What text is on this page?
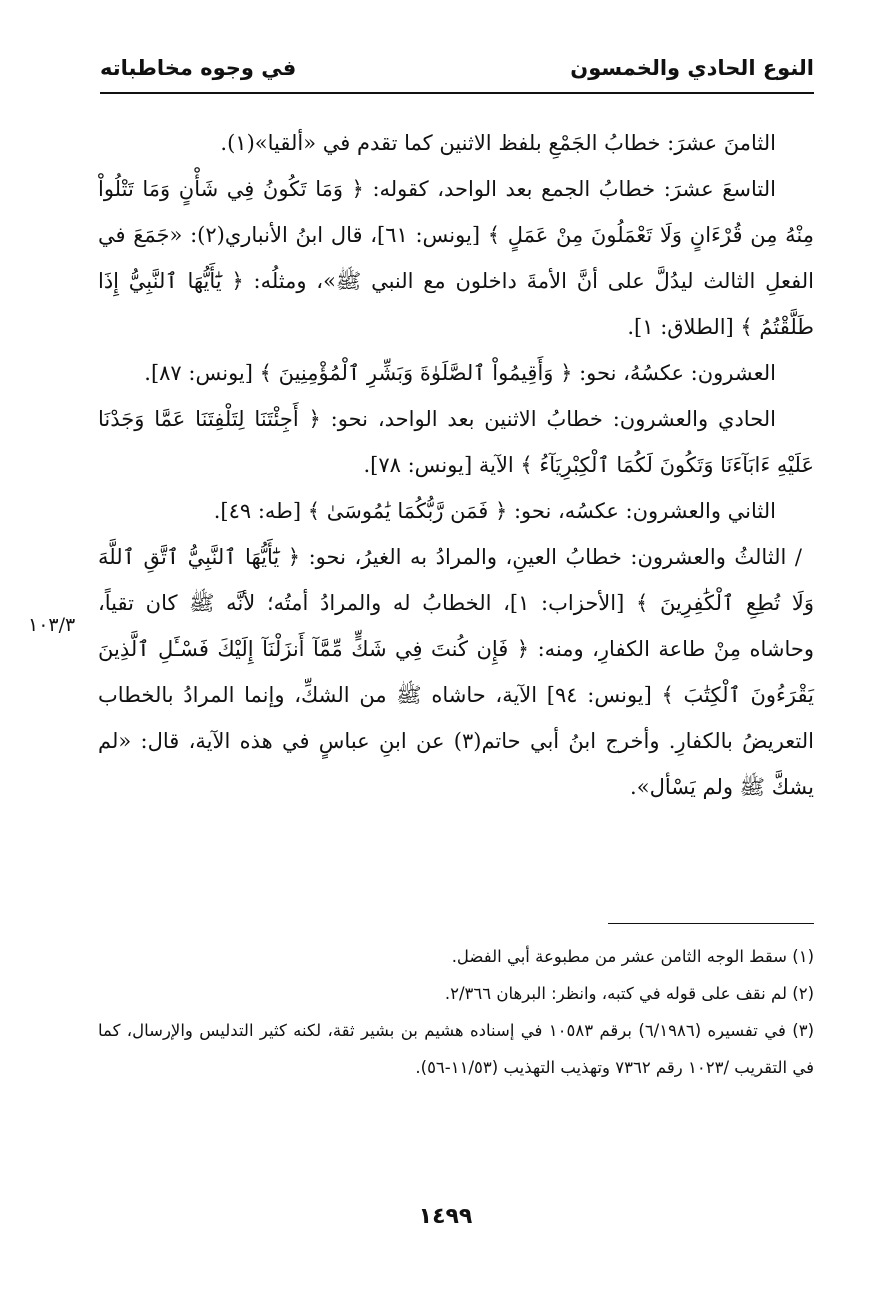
النوع الحادي والخمسون
في وجوه مخاطباته

الثامنَ عشرَ: خطابُ الجَمْعِ بلفظ الاثنين كما تقدم في «ألقيا»(١).

التاسعَ عشرَ: خطابُ الجمع بعد الواحد، كقوله: ﴿ وَمَا تَكُونُ فِي شَأْنٍ وَمَا تَتْلُواْ مِنْهُ مِن قُرْءَانٍ وَلَا تَعْمَلُونَ مِنْ عَمَلٍ ﴾ [يونس: ٦١]، قال ابنُ الأنباري(٢): «جَمَعَ في الفعلِ الثالث ليدُلَّ على أنَّ الأمةَ داخلون مع النبي ﷺ»، ومثلُه: ﴿ يَٰٓأَيُّهَا ٱلنَّبِيُّ إِذَا طَلَّقْتُمُ ﴾ [الطلاق: ١].

العشرون: عكسُهُ، نحو: ﴿ وَأَقِيمُواْ ٱلصَّلَوٰةَ وَبَشِّرِ ٱلْمُؤْمِنِينَ ﴾ [يونس: ٨٧].

الحادي والعشرون: خطابُ الاثنين بعد الواحد، نحو: ﴿ أَجِئْتَنَا لِتَلْفِتَنَا عَمَّا وَجَدْنَا عَلَيْهِ ءَابَآءَنَا وَتَكُونَ لَكُمَا ٱلْكِبْرِيَآءُ ﴾ الآية [يونس: ٧٨].

الثاني والعشرون: عكسُه، نحو: ﴿ فَمَن رَّبُّكُمَا يَٰمُوسَىٰ ﴾ [طه: ٤٩].

/ الثالثُ والعشرون: خطابُ العينِ، والمرادُ به الغيرُ، نحو: ﴿ يَٰٓأَيُّهَا ٱلنَّبِيُّ ٱتَّقِ ٱللَّهَ وَلَا تُطِعِ ٱلْكَٰفِرِينَ ﴾ [الأحزاب: ١]، الخطابُ له والمرادُ أمتُه؛ لأنَّه ﷺ كان تقياً، وحاشاه مِنْ طاعة الكفارِ، ومنه: ﴿ فَإِن كُنتَ فِي شَكٍّ مِّمَّآ أَنزَلْنَآ إِلَيْكَ فَسْـَٔلِ ٱلَّذِينَ يَقْرَءُونَ ٱلْكِتَٰبَ ﴾ [يونس: ٩٤] الآية، حاشاه ﷺ من الشكِّ، وإنما المرادُ بالخطاب التعريضُ بالكفارِ. وأخرج ابنُ أبي حاتم(٣) عن ابنِ عباسٍ في هذه الآية، قال: «لم يشكَّ ﷺ ولم يَسْأل».

١٠٣/٣

(١) سقط الوجه الثامن عشر من مطبوعة أبي الفضل.

(٢) لم نقف على قوله في كتبه، وانظر: البرهان ٢/٣٦٦.

(٣) في تفسيره (٦/١٩٨٦) برقم ١٠٥٨٣ في إسناده هشيم بن بشير ثقة، لكنه كثير التدليس والإرسال، كما في التقريب /١٠٢٣ رقم ٧٣٦٢ وتهذيب التهذيب (١١/٥٣-٥٦).

١٤٩٩
